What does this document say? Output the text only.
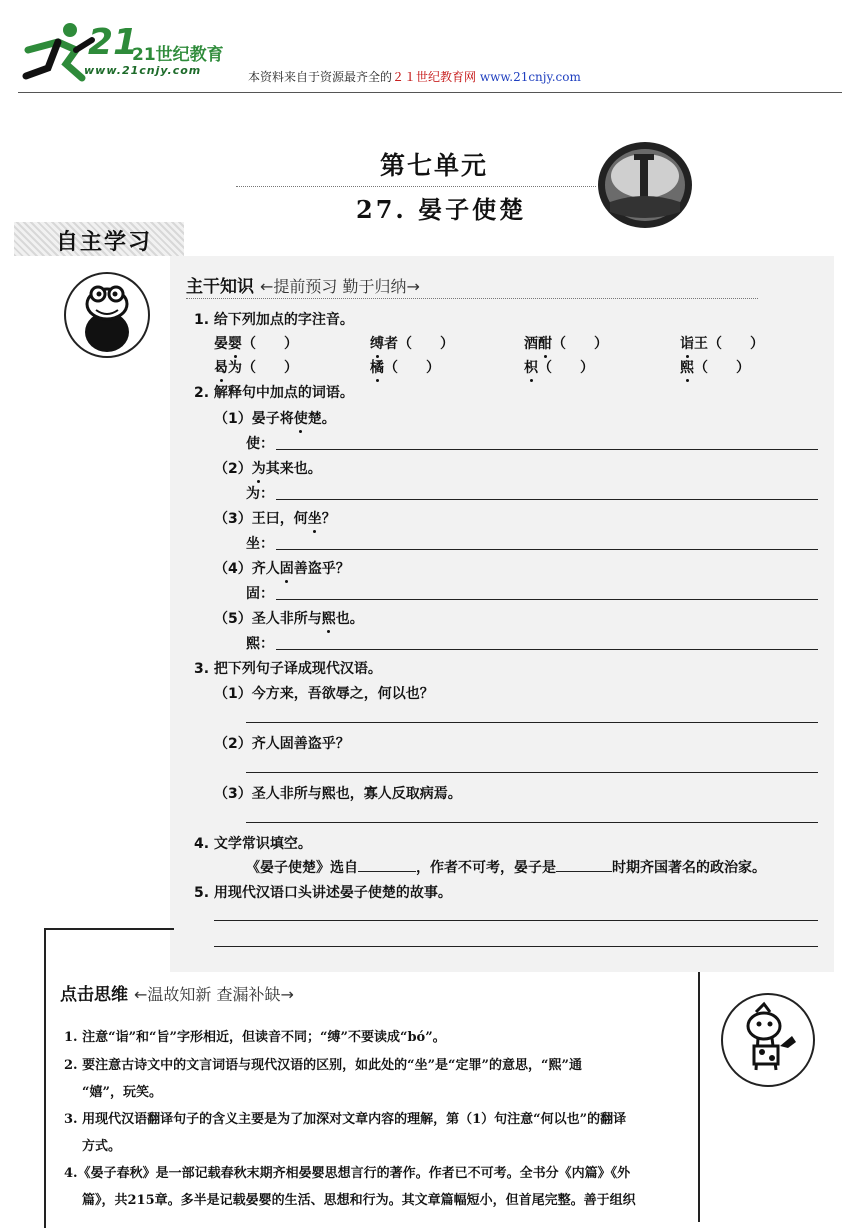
21
21世纪教育
www.21cnjy.com	本资料来自于资源最齐全的２１世纪教育网 www.21cnjy.com
第七单元
27. 晏子使楚
自主学习
主干知识 ←提前预习 勤于归纳→
1. 给下列加点的字注音。
晏婴（　　）	缚者（　　）	酒酣（　　）	诣王（　　）
曷为（　　）	橘（　　）	枳（　　）	熙（　　）
2. 解释句中加点的词语。
（1）晏子将使楚。
使：
（2）为其来也。
为：
（3）王曰，何坐？
坐：
（4）齐人固善盗乎？
固：
（5）圣人非所与熙也。
熙：
3. 把下列句子译成现代汉语。
（1）今方来，吾欲辱之，何以也？
（2）齐人固善盗乎？
（3）圣人非所与熙也，寡人反取病焉。
4. 文学常识填空。
《晏子使楚》选自	，作者不可考，晏子是	时期齐国著名的政治家。
5. 用现代汉语口头讲述晏子使楚的故事。
点击思维 ←温故知新 查漏补缺→
1. 注意“诣”和“旨”字形相近，但读音不同；“缚”不要读成“bó”。
2. 要注意古诗文中的文言词语与现代汉语的区别，如此处的“坐”是“定罪”的意思，“熙”通
“嬉”，玩笑。
3. 用现代汉语翻译句子的含义主要是为了加深对文章内容的理解，第（1）句注意“何以也”的翻译
方式。
4.《晏子春秋》是一部记载春秋末期齐相晏婴思想言行的著作。作者已不可考。全书分《内篇》《外
篇》，共215章。多半是记载晏婴的生活、思想和行为。其文章篇幅短小，但首尾完整。善于组织
